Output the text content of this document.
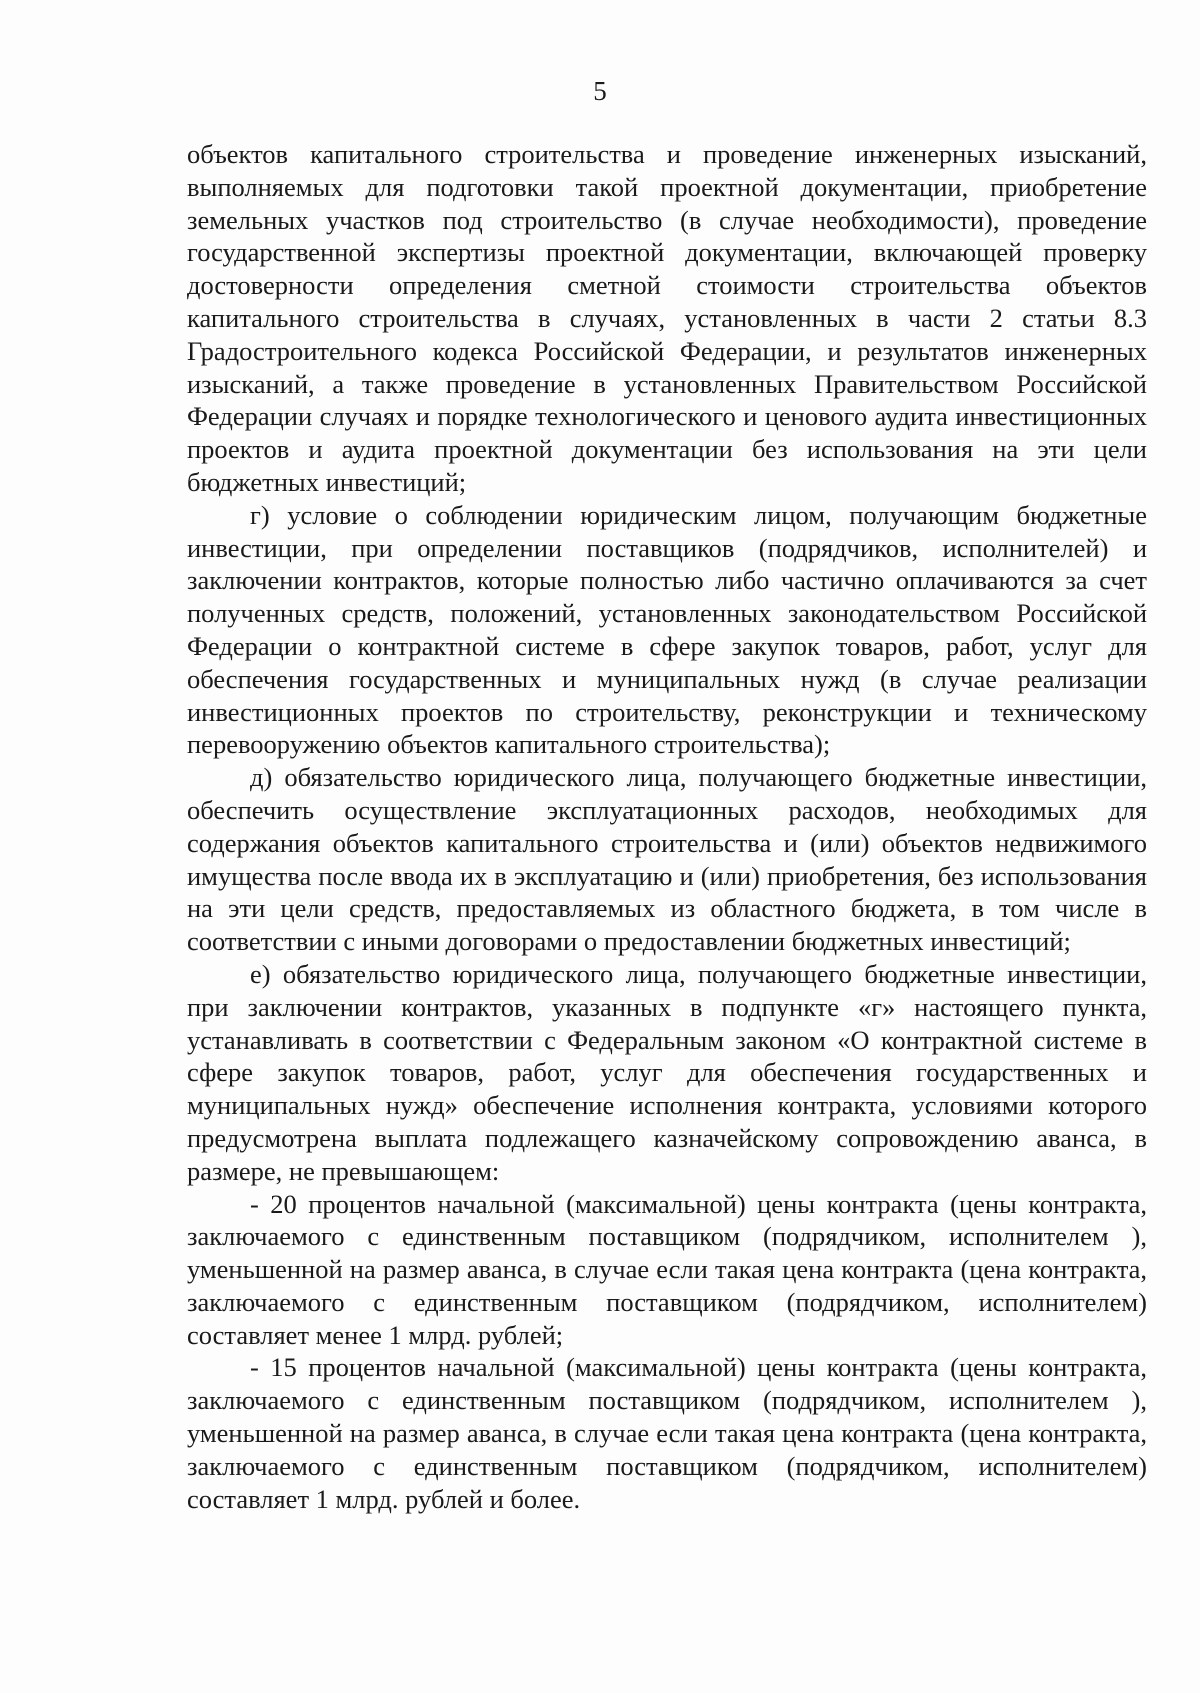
5

объектов капитального строительства и проведение инженерных изысканий, выполняемых для подготовки такой проектной документации, приобретение земельных участков под строительство (в случае необходимости), проведение государственной экспертизы проектной документации, включающей проверку достоверности определения сметной стоимости строительства объектов капитального строительства в случаях, установленных в части 2 статьи 8.3 Градостроительного кодекса Российской Федерации, и результатов инженерных изысканий, а также проведение в установленных Правительством Российской Федерации случаях и порядке технологического и ценового аудита инвестиционных проектов и аудита проектной документации без использования на эти цели бюджетных инвестиций;

г) условие о соблюдении юридическим лицом, получающим бюджетные инвестиции, при определении поставщиков (подрядчиков, исполнителей) и заключении контрактов, которые полностью либо частично оплачиваются за счет полученных средств, положений, установленных законодательством Российской Федерации о контрактной системе в сфере закупок товаров, работ, услуг для обеспечения государственных и муниципальных нужд (в случае реализации инвестиционных проектов по строительству, реконструкции и техническому перевооружению объектов капитального строительства);

д) обязательство юридического лица, получающего бюджетные инвестиции, обеспечить осуществление эксплуатационных расходов, необходимых для содержания объектов капитального строительства и (или) объектов недвижимого имущества после ввода их в эксплуатацию и (или) приобретения, без использования на эти цели средств, предоставляемых из областного бюджета, в том числе в соответствии с иными договорами о предоставлении бюджетных инвестиций;

е) обязательство юридического лица, получающего бюджетные инвестиции, при заключении контрактов, указанных в подпункте «г» настоящего пункта, устанавливать в соответствии с Федеральным законом «О контрактной системе в сфере закупок товаров, работ, услуг для обеспечения государственных и муниципальных нужд» обеспечение исполнения контракта, условиями которого предусмотрена выплата подлежащего казначейскому сопровождению аванса, в размере, не превышающем:

- 20 процентов начальной (максимальной) цены контракта (цены контракта, заключаемого с единственным поставщиком (подрядчиком, исполнителем ), уменьшенной на размер аванса, в случае если такая цена контракта (цена контракта, заключаемого с единственным поставщиком (подрядчиком, исполнителем) составляет менее 1 млрд. рублей;

- 15 процентов начальной (максимальной) цены контракта (цены контракта, заключаемого с единственным поставщиком (подрядчиком, исполнителем ), уменьшенной на размер аванса, в случае если такая цена контракта (цена контракта, заключаемого с единственным поставщиком (подрядчиком, исполнителем) составляет 1 млрд. рублей и более.
